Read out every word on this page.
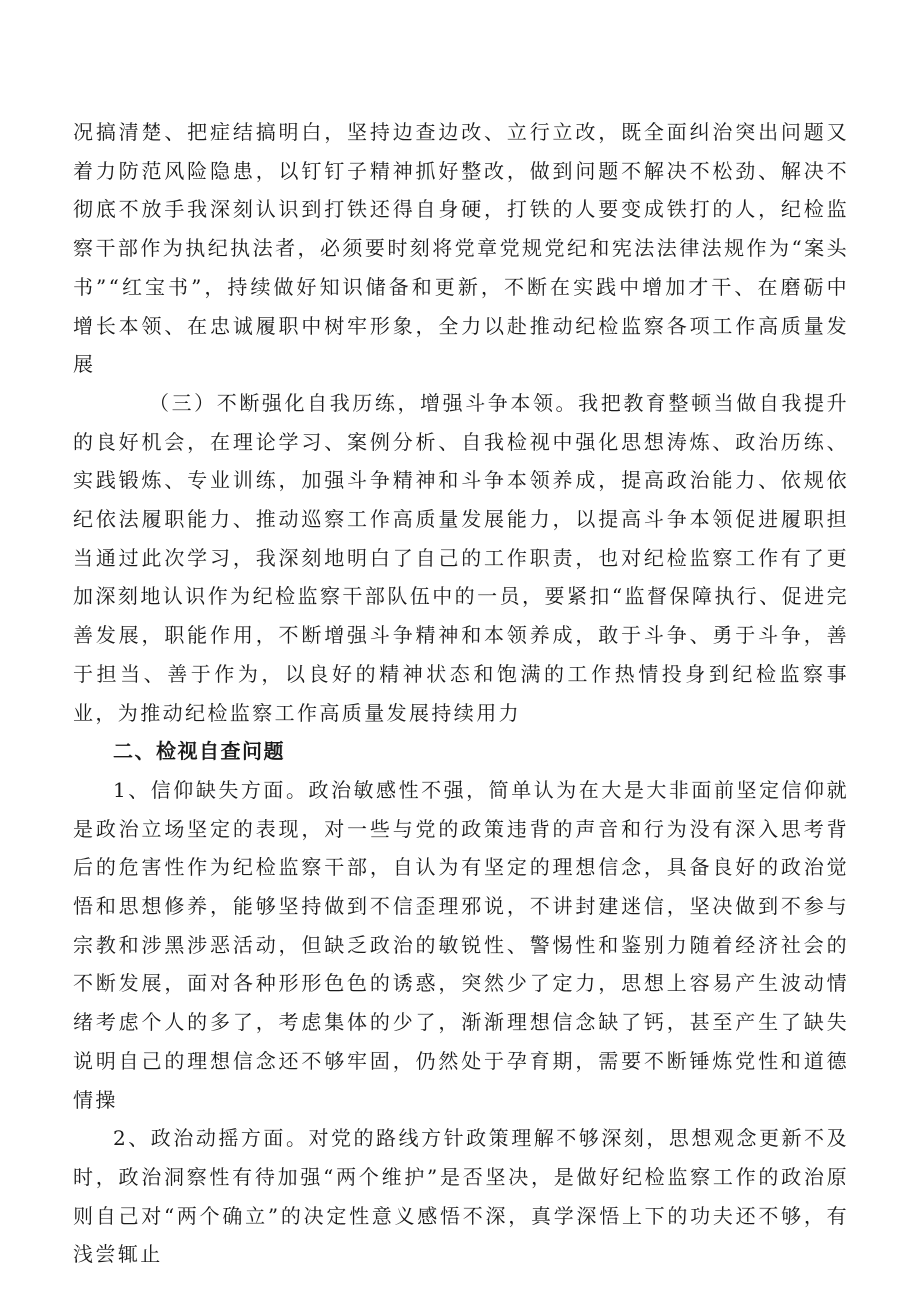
况搞清楚、把症结搞明白，坚持边查边改、立行立改，既全面纠治突出问题又着力防范风险隐患，以钉钉子精神抓好整改，做到问题不解决不松劲、解决不彻底不放手我深刻认识到打铁还得自身硬，打铁的人要变成铁打的人，纪检监察干部作为执纪执法者，必须要时刻将党章党规党纪和宪法法律法规作为“案头书”“红宝书”，持续做好知识储备和更新，不断在实践中增加才干、在磨砺中增长本领、在忠诚履职中树牢形象，全力以赴推动纪检监察各项工作高质量发展

（三）不断强化自我历练，增强斗争本领。我把教育整顿当做自我提升的良好机会，在理论学习、案例分析、自我检视中强化思想涛炼、政治历练、实践锻炼、专业训练，加强斗争精神和斗争本领养成，提高政治能力、依规依纪依法履职能力、推动巡察工作高质量发展能力，以提高斗争本领促进履职担当通过此次学习，我深刻地明白了自己的工作职责，也对纪检监察工作有了更加深刻地认识作为纪检监察干部队伍中的一员，要紧扣“监督保障执行、促进完善发展，职能作用，不断增强斗争精神和本领养成，敢于斗争、勇于斗争，善于担当、善于作为，以良好的精神状态和饱满的工作热情投身到纪检监察事业，为推动纪检监察工作高质量发展持续用力

二、检视自查问题

1、信仰缺失方面。政治敏感性不强，简单认为在大是大非面前坚定信仰就是政治立场坚定的表现，对一些与党的政策违背的声音和行为没有深入思考背后的危害性作为纪检监察干部，自认为有坚定的理想信念，具备良好的政治觉悟和思想修养，能够坚持做到不信歪理邪说，不讲封建迷信，坚决做到不参与宗教和涉黑涉恶活动，但缺乏政治的敏锐性、警惕性和鉴别力随着经济社会的不断发展，面对各种形形色色的诱惑，突然少了定力，思想上容易产生波动情绪考虑个人的多了，考虑集体的少了，渐渐理想信念缺了钙，甚至产生了缺失说明自己的理想信念还不够牢固，仍然处于孕育期，需要不断锤炼党性和道德情操

2、政治动摇方面。对党的路线方针政策理解不够深刻，思想观念更新不及时，政治洞察性有待加强“两个维护”是否坚决，是做好纪检监察工作的政治原则自己对“两个确立”的决定性意义感悟不深，真学深悟上下的功夫还不够，有浅尝辄止
